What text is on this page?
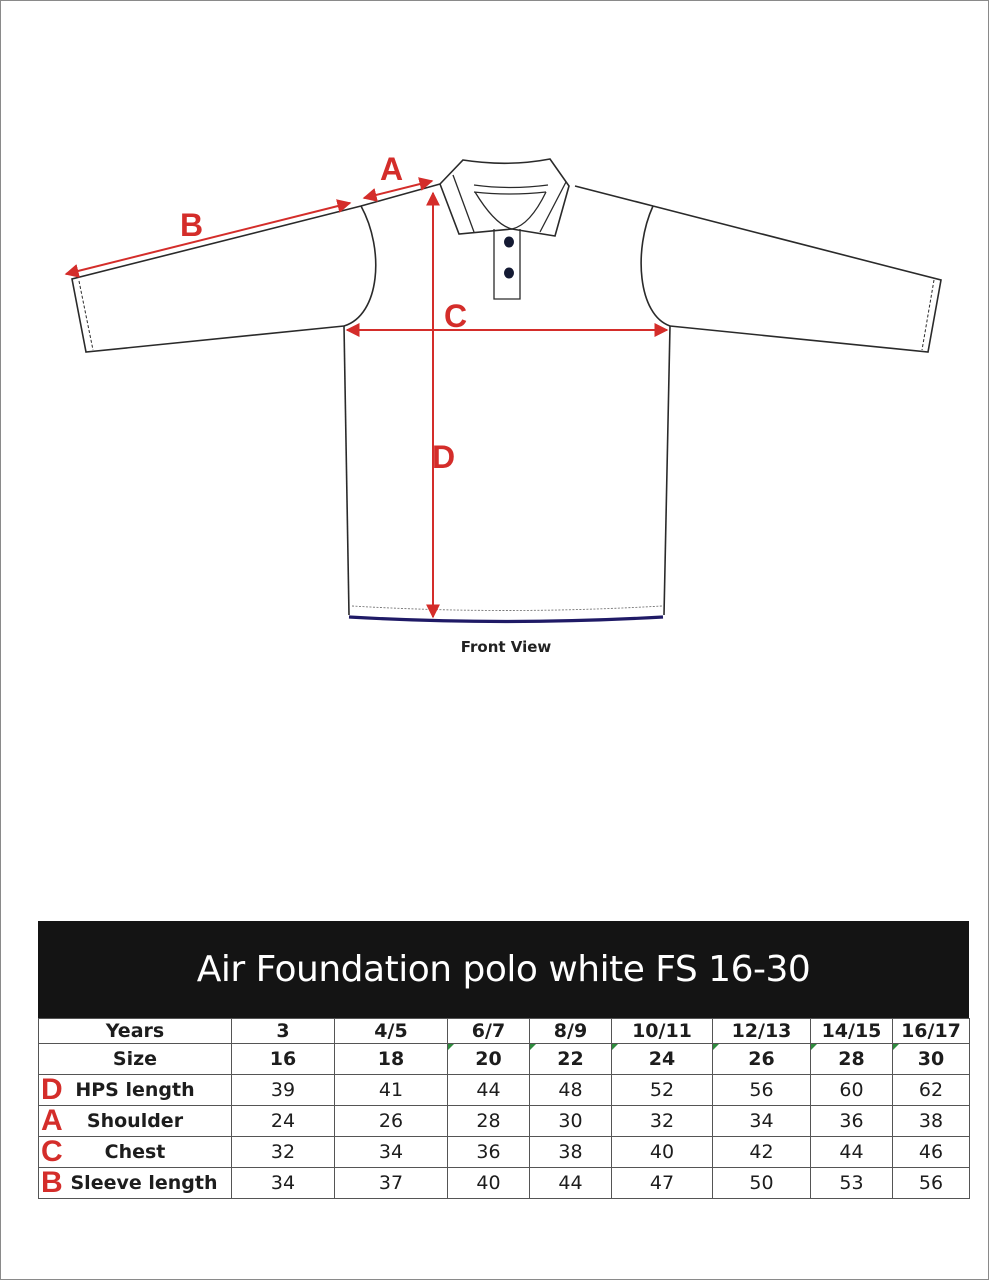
A
B
C
D
Front View
Air Foundation polo white FS 16-30
Years	3	4/5	6/7	8/9	10/11	12/13	14/15	16/17
Size	16	18	20	22	24	26	28	30

D HPS length	39	41	44	48	52	56	60	62

A Shoulder	24	26	28	30	32	34	36	38

C Chest	32	34	36	38	40	42	44	46

B Sleeve length	34	37	40	44	47	50	53	56
